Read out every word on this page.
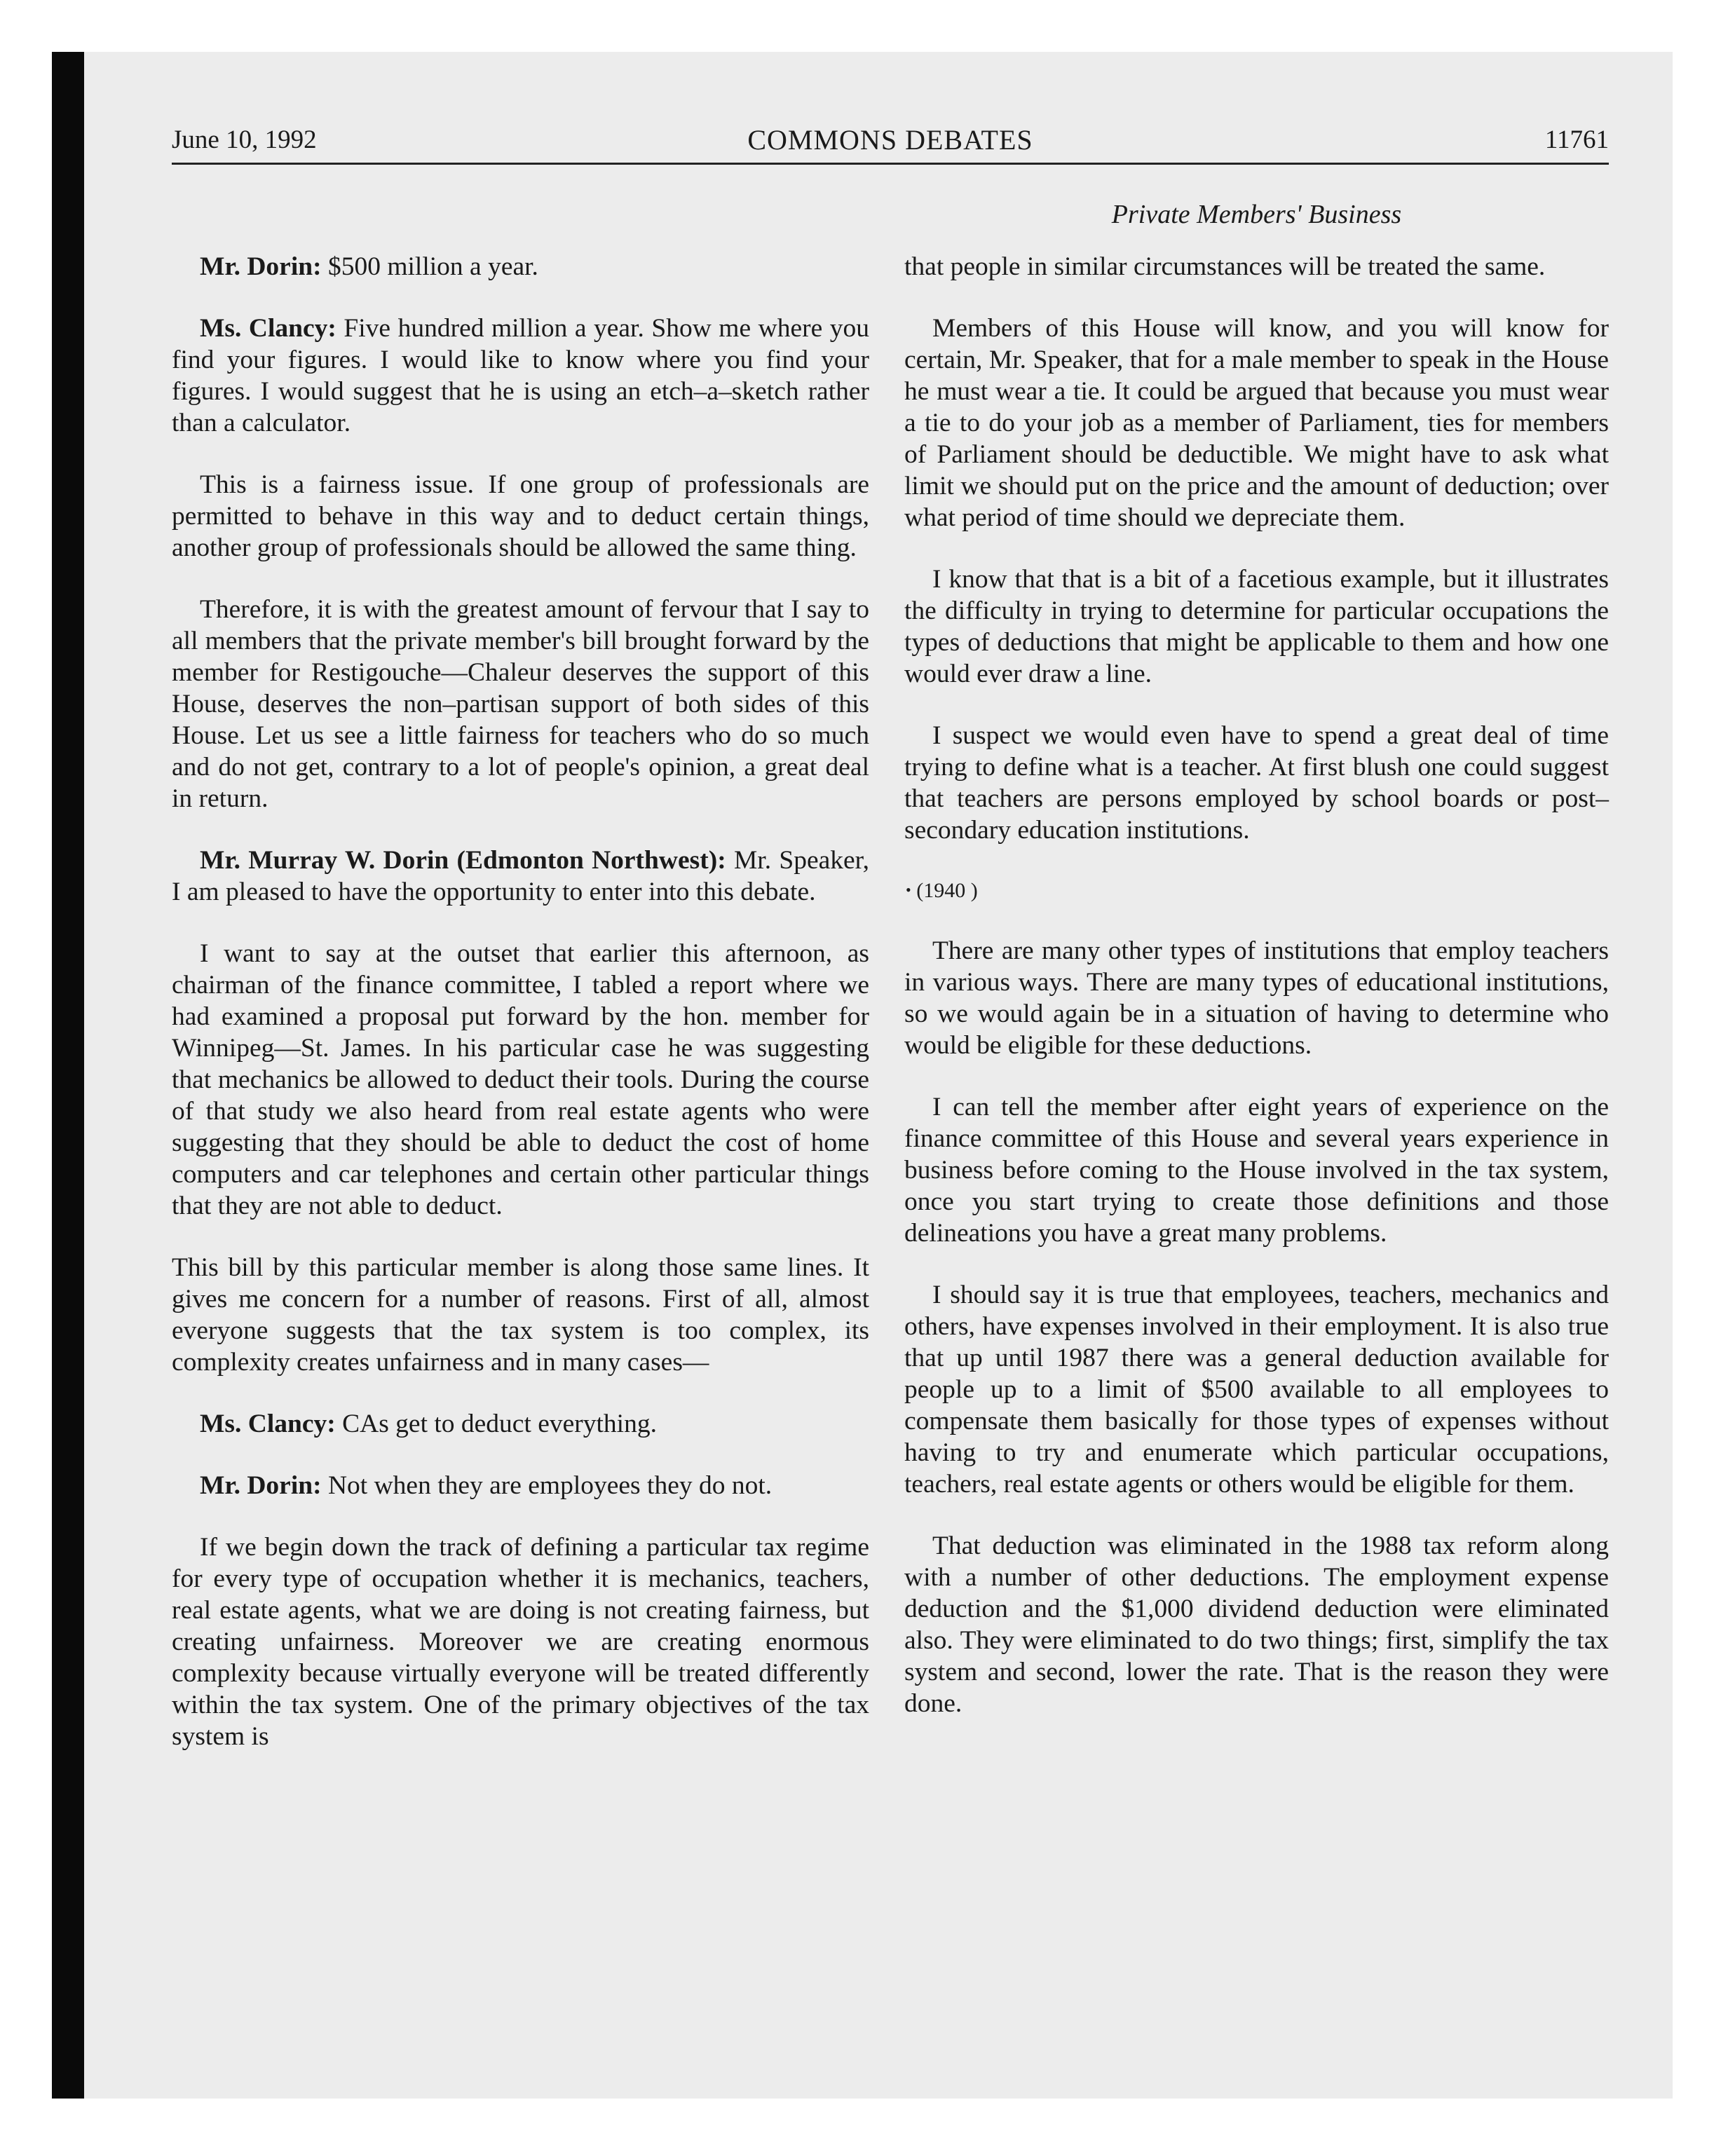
June 10, 1992	COMMONS DEBATES	11761
Private Members' Business

Mr. Dorin: $500 million a year.

Ms. Clancy: Five hundred million a year. Show me where you find your figures. I would like to know where you find your figures. I would suggest that he is using an etch–a–sketch rather than a calculator.

This is a fairness issue. If one group of professionals are permitted to behave in this way and to deduct certain things, another group of professionals should be allowed the same thing.

Therefore, it is with the greatest amount of fervour that I say to all members that the private member's bill brought forward by the member for Restigouche—Chaleur deserves the support of this House, deserves the non–partisan support of both sides of this House. Let us see a little fairness for teachers who do so much and do not get, contrary to a lot of people's opinion, a great deal in return.

Mr. Murray W. Dorin (Edmonton Northwest): Mr. Speaker, I am pleased to have the opportunity to enter into this debate.

I want to say at the outset that earlier this afternoon, as chairman of the finance committee, I tabled a report where we had examined a proposal put forward by the hon. member for Winnipeg—St. James. In his particular case he was suggesting that mechanics be allowed to deduct their tools. During the course of that study we also heard from real estate agents who were suggesting that they should be able to deduct the cost of home computers and car telephones and certain other particular things that they are not able to deduct.

This bill by this particular member is along those same lines. It gives me concern for a number of reasons. First of all, almost everyone suggests that the tax system is too complex, its complexity creates unfairness and in many cases—

Ms. Clancy: CAs get to deduct everything.

Mr. Dorin: Not when they are employees they do not.

If we begin down the track of defining a particular tax regime for every type of occupation whether it is mechanics, teachers, real estate agents, what we are doing is not creating fairness, but creating unfairness. Moreover we are creating enormous complexity because virtually everyone will be treated differently within the tax system. One of the primary objectives of the tax system is

that people in similar circumstances will be treated the same.

Members of this House will know, and you will know for certain, Mr. Speaker, that for a male member to speak in the House he must wear a tie. It could be argued that because you must wear a tie to do your job as a member of Parliament, ties for members of Parliament should be deductible. We might have to ask what limit we should put on the price and the amount of deduction; over what period of time should we depreciate them.

I know that that is a bit of a facetious example, but it illustrates the difficulty in trying to determine for particular occupations the types of deductions that might be applicable to them and how one would ever draw a line.

I suspect we would even have to spend a great deal of time trying to define what is a teacher. At first blush one could suggest that teachers are persons employed by school boards or post–secondary education institutions.

• (1940 )

There are many other types of institutions that employ teachers in various ways. There are many types of educational institutions, so we would again be in a situation of having to determine who would be eligible for these deductions.

I can tell the member after eight years of experience on the finance committee of this House and several years experience in business before coming to the House involved in the tax system, once you start trying to create those definitions and those delineations you have a great many problems.

I should say it is true that employees, teachers, mechanics and others, have expenses involved in their employment. It is also true that up until 1987 there was a general deduction available for people up to a limit of $500 available to all employees to compensate them basically for those types of expenses without having to try and enumerate which particular occupations, teachers, real estate agents or others would be eligible for them.

That deduction was eliminated in the 1988 tax reform along with a number of other deductions. The employment expense deduction and the $1,000 dividend deduction were eliminated also. They were eliminated to do two things; first, simplify the tax system and second, lower the rate. That is the reason they were done.
